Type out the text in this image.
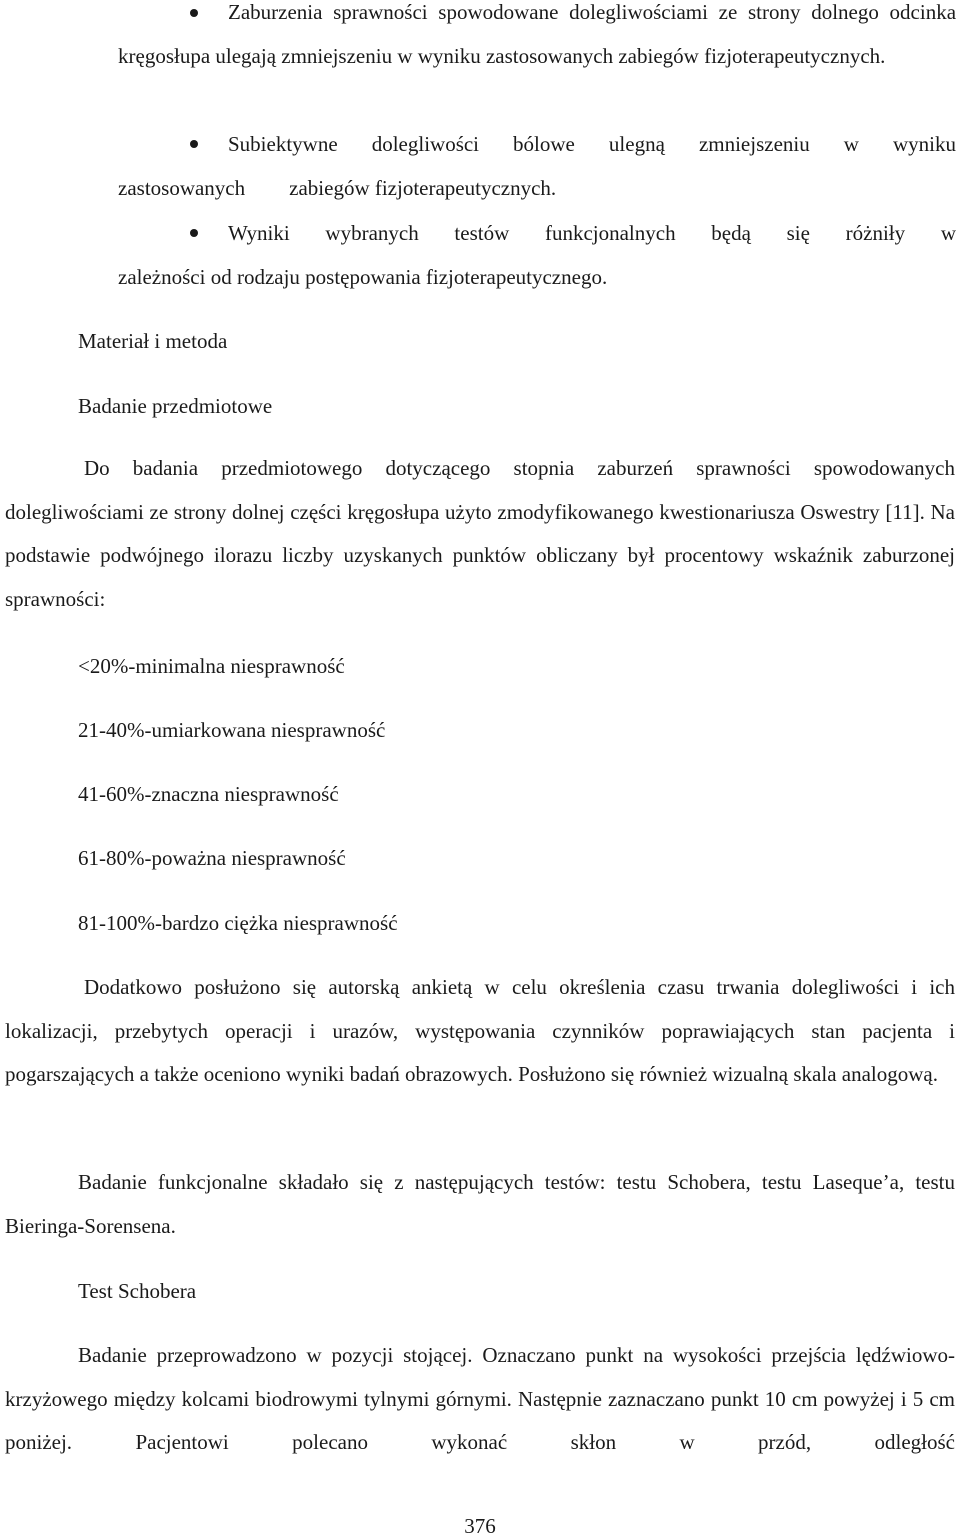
Zaburzenia sprawności spowodowane dolegliwościami ze strony dolnego odcinka kręgosłupa ulegają zmniejszeniu w wyniku zastosowanych zabiegów fizjoterapeutycznych.
Subiektywne dolegliwości bólowe ulegną zmniejszeniu w wyniku
zastosowanych zabiegów fizjoterapeutycznych.
Wyniki wybranych testów funkcjonalnych będą się różniły w
zależności od rodzaju postępowania fizjoterapeutycznego.
Materiał i metoda
Badanie przedmiotowe
Do badania przedmiotowego dotyczącego stopnia zaburzeń sprawności spowodowanych dolegliwościami ze strony dolnej części kręgosłupa użyto zmodyfikowanego kwestionariusza Oswestry [11]. Na podstawie podwójnego ilorazu liczby uzyskanych punktów obliczany był procentowy wskaźnik zaburzonej sprawności:
<20%-minimalna niesprawność
21-40%-umiarkowana niesprawność
41-60%-znaczna niesprawność
61-80%-poważna niesprawność
81-100%-bardzo ciężka niesprawność
Dodatkowo posłużono się autorską ankietą w celu określenia czasu trwania dolegliwości i ich lokalizacji, przebytych operacji i urazów, występowania czynników poprawiających stan pacjenta i pogarszających a także oceniono wyniki badań obrazowych. Posłużono się również wizualną skala analogową.
Badanie funkcjonalne składało się z następujących testów: testu Schobera, testu Laseque’a, testu Bieringa-Sorensena.
Test Schobera
Badanie przeprowadzono w pozycji stojącej. Oznaczano punkt na wysokości przejścia lędźwiowo-krzyżowego między kolcami biodrowymi tylnymi górnymi. Następnie zaznaczano punkt 10 cm powyżej i 5 cm poniżej. Pacjentowi polecano wykonać skłon w przód, odległość
376
